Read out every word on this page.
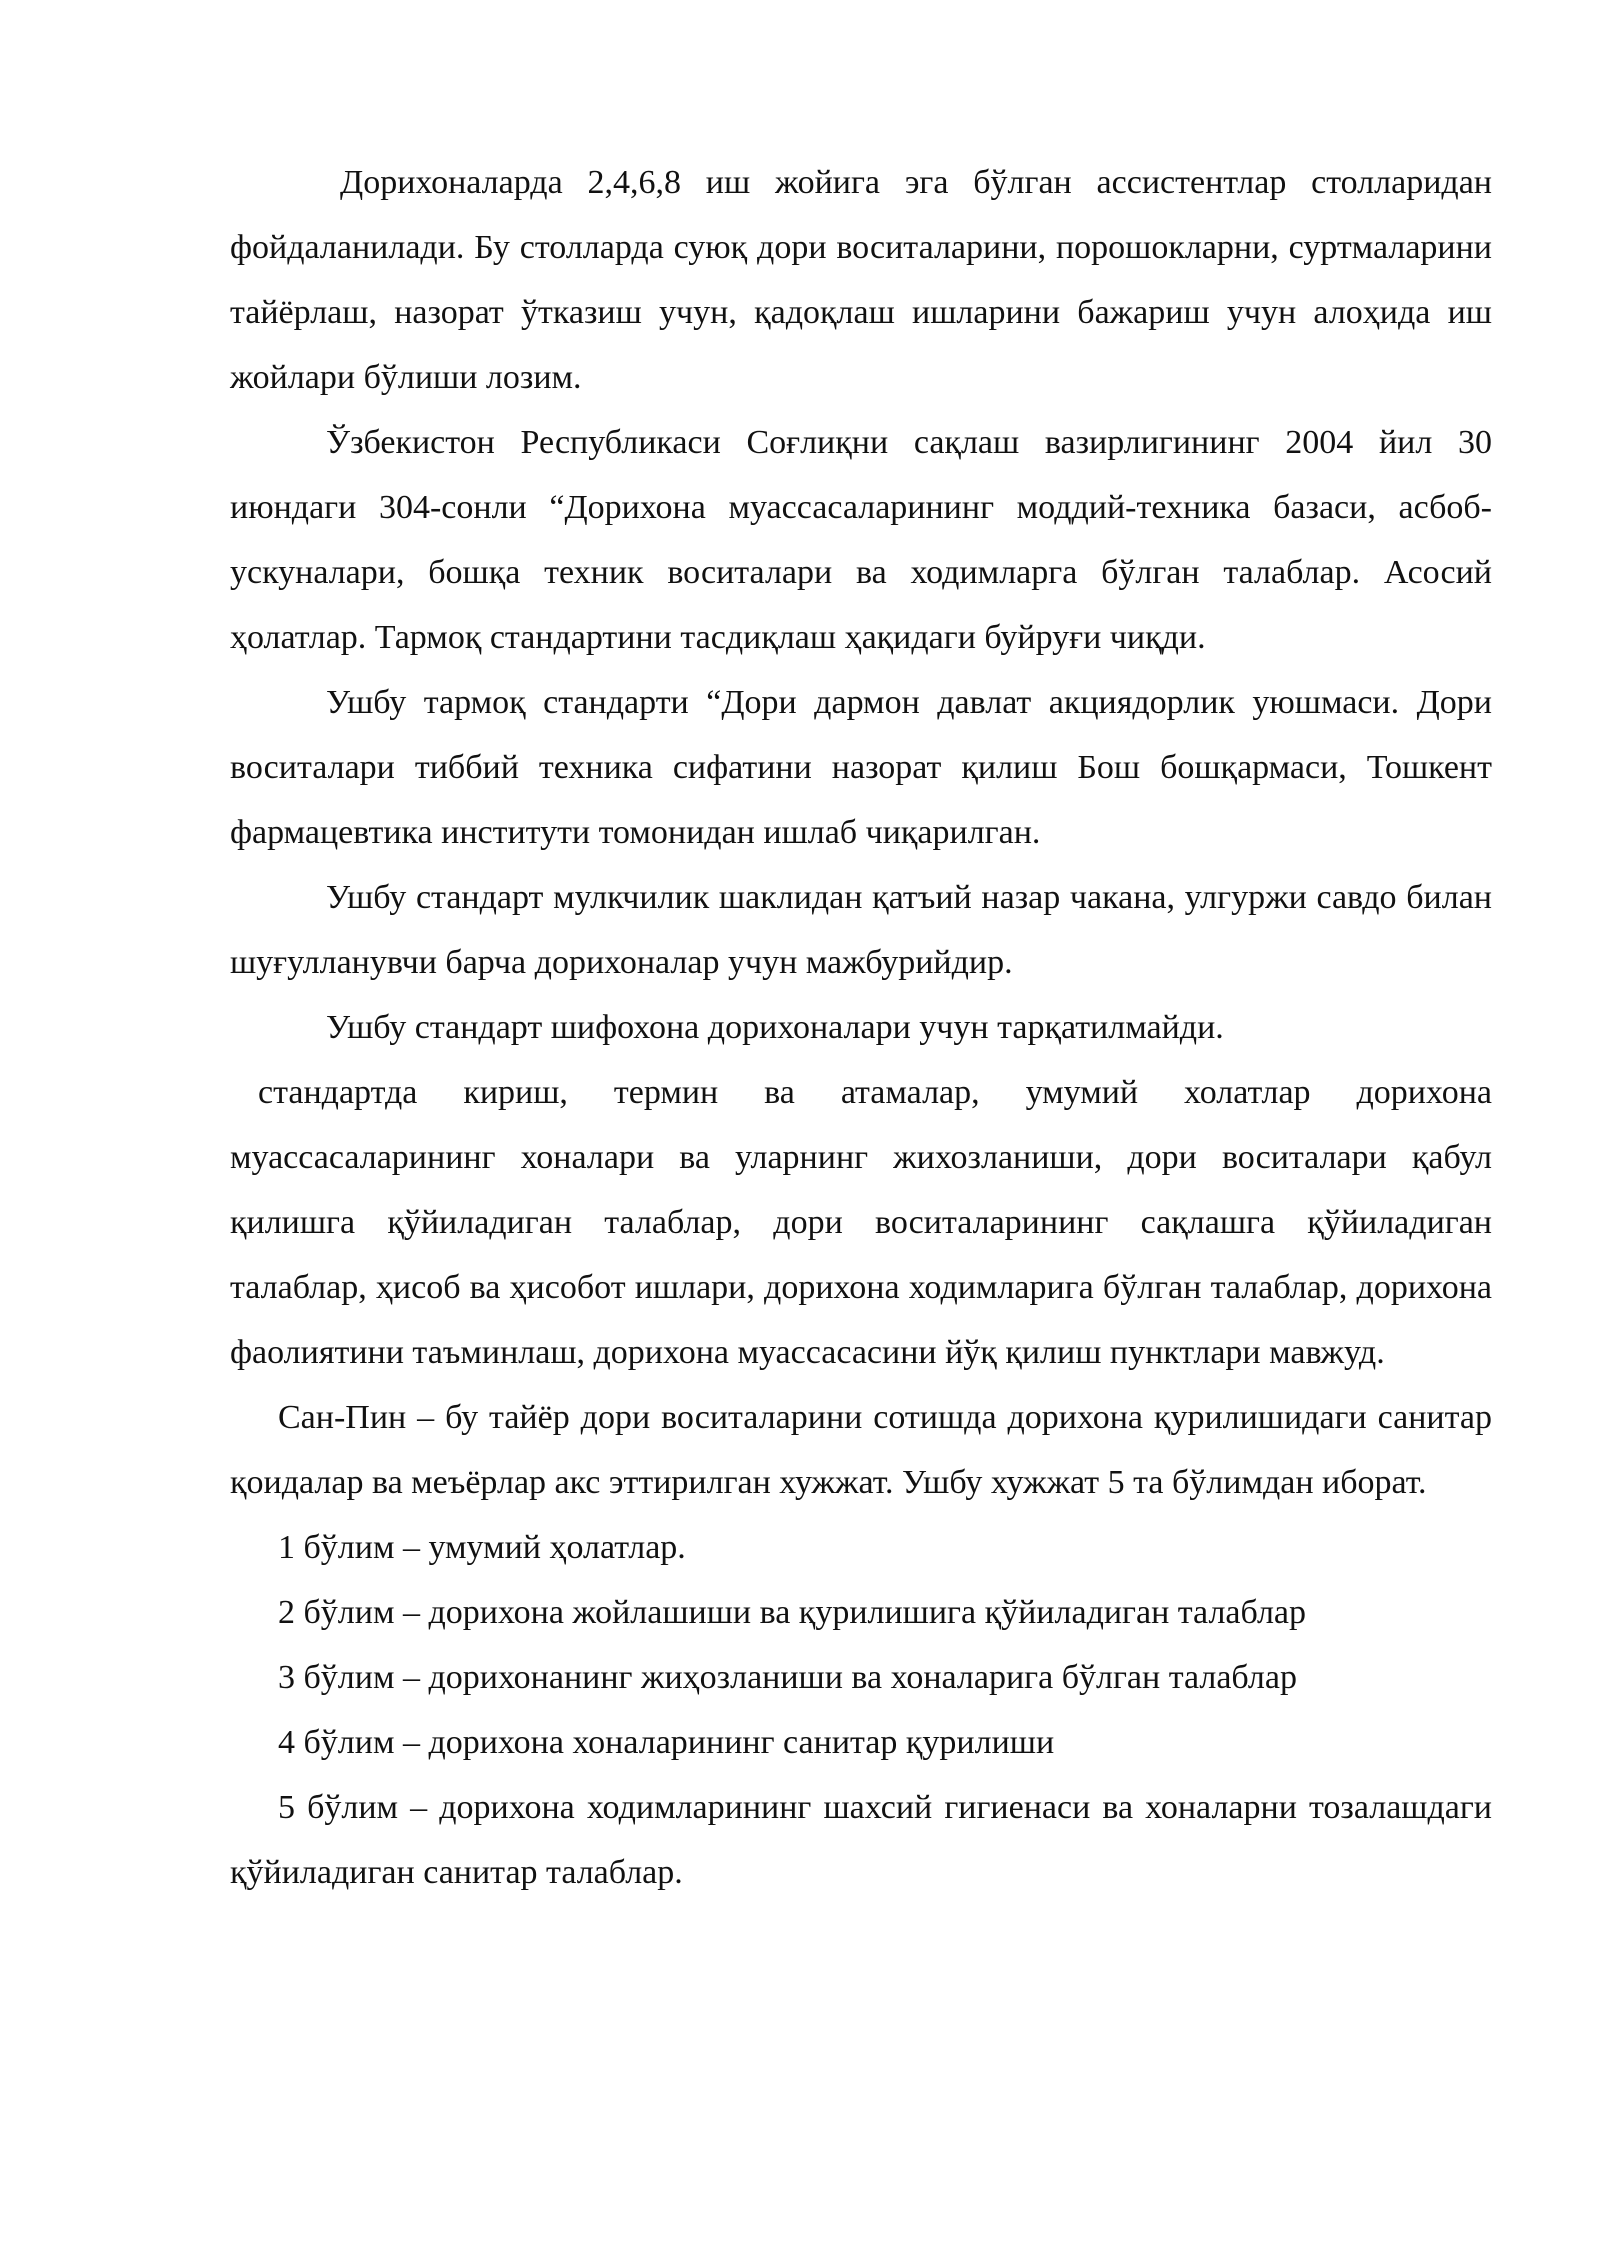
Дорихоналарда 2,4,6,8 иш жойига эга бўлган ассистентлар столларидан фойдаланилади. Бу столларда суюқ дори воситаларини, порошокларни, суртмаларини тайёрлаш, назорат ўтказиш учун, қадоқлаш ишларини бажариш учун алоҳида иш жойлари бўлиши лозим.

Ўзбекистон Республикаси Соғлиқни сақлаш вазирлигининг 2004 йил 30 июндаги 304-сонли “Дорихона муассасаларининг моддий-техника базаси, асбоб-ускуналари, бошқа техник воситалари ва ходимларга бўлган талаблар. Асосий ҳолатлар. Тармоқ стандартини тасдиқлаш ҳақидаги буйруғи чиқди.

Ушбу тармоқ стандарти “Дори дармон давлат акциядорлик уюшмаси. Дори воситалари тиббий техника сифатини назорат қилиш Бош бошқармаси, Тошкент фармацевтика институти томонидан ишлаб чиқарилган.

Ушбу стандарт мулкчилик шаклидан қатъий назар чакана, улгуржи савдо билан шуғулланувчи барча дорихоналар учун мажбурийдир.

Ушбу стандарт шифохона дорихоналари учун тарқатилмайди.

стандартда кириш, термин ва атамалар, умумий холатлар дорихона муассасаларининг хоналари ва уларнинг жихозланиши, дори воситалари қабул қилишга қўйиладиган талаблар, дори воситаларининг сақлашга қўйиладиган талаблар, ҳисоб ва ҳисобот ишлари, дорихона ходимларига бўлган талаблар, дорихона фаолиятини таъминлаш, дорихона муассасасини йўқ қилиш пунктлари мавжуд.

Сан-Пин – бу тайёр дори воситаларини сотишда дорихона қурилишидаги санитар қоидалар ва меъёрлар акс эттирилган хужжат. Ушбу хужжат 5 та бўлимдан иборат.

1 бўлим – умумий ҳолатлар.

2 бўлим – дорихона жойлашиши ва қурилишига қўйиладиган талаблар

3 бўлим – дорихонанинг жиҳозланиши ва хоналарига бўлган талаблар

4 бўлим – дорихона хоналарининг санитар қурилиши

5 бўлим – дорихона ходимларининг шахсий гигиенаси ва хоналарни тозалашдаги қўйиладиган санитар талаблар.
